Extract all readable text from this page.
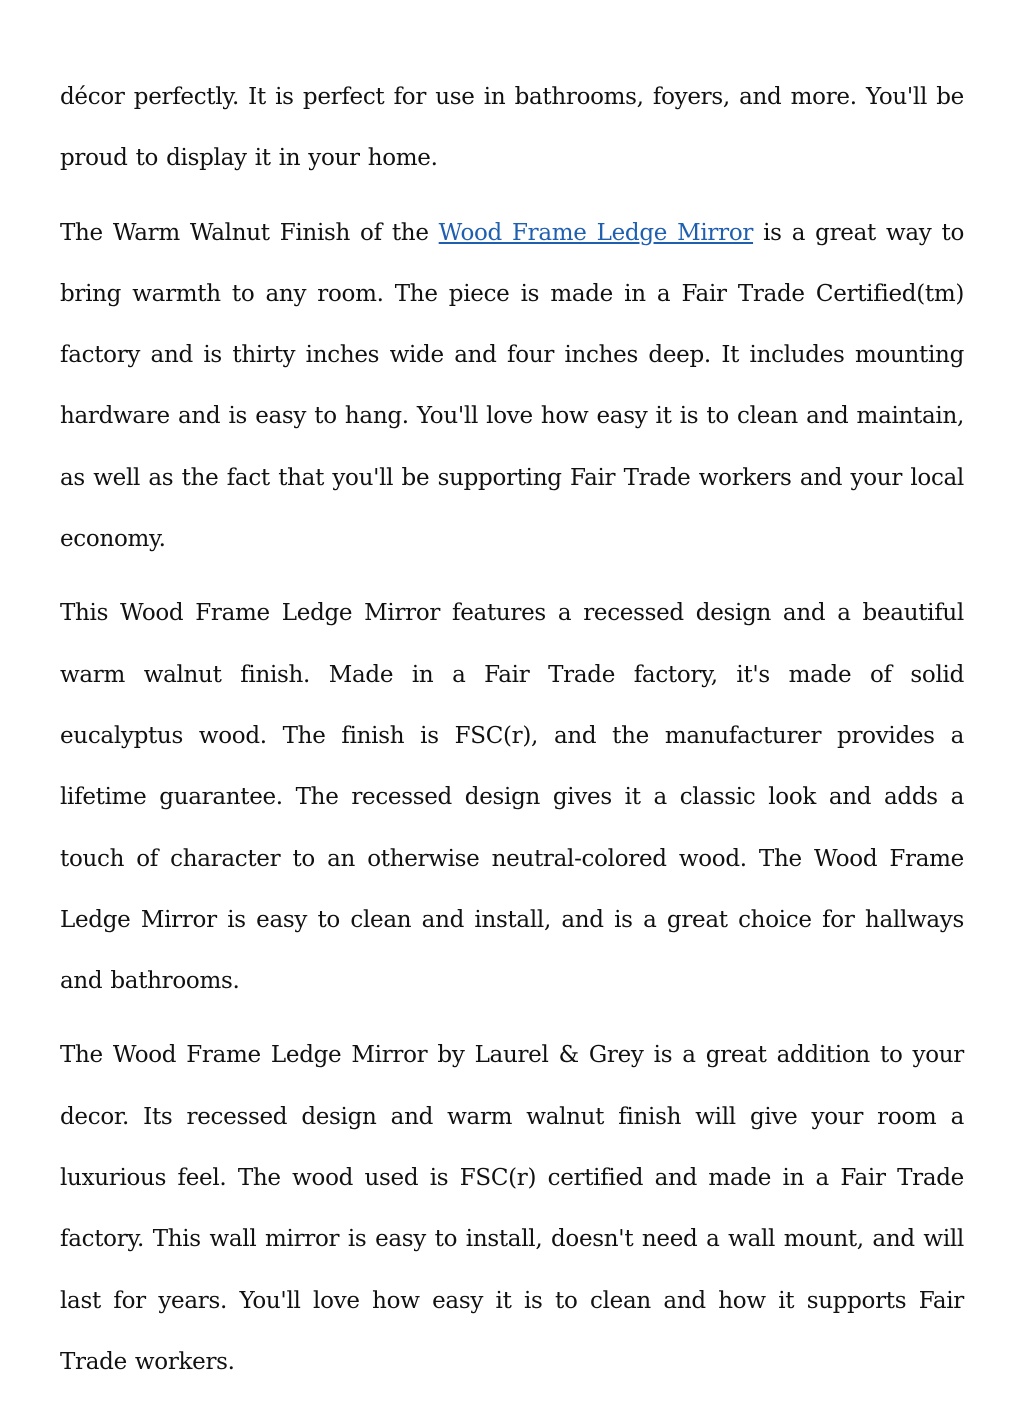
décor perfectly. It is perfect for use in bathrooms, foyers, and more. You'll be proud to display it in your home.

The Warm Walnut Finish of the Wood Frame Ledge Mirror is a great way to bring warmth to any room. The piece is made in a Fair Trade Certified(tm) factory and is thirty inches wide and four inches deep. It includes mounting hardware and is easy to hang. You'll love how easy it is to clean and maintain, as well as the fact that you'll be supporting Fair Trade workers and your local economy.

This Wood Frame Ledge Mirror features a recessed design and a beautiful warm walnut finish. Made in a Fair Trade factory, it's made of solid eucalyptus wood. The finish is FSC(r), and the manufacturer provides a lifetime guarantee. The recessed design gives it a classic look and adds a touch of character to an otherwise neutral-colored wood. The Wood Frame Ledge Mirror is easy to clean and install, and is a great choice for hallways and bathrooms.

The Wood Frame Ledge Mirror by Laurel & Grey is a great addition to your decor. Its recessed design and warm walnut finish will give your room a luxurious feel. The wood used is FSC(r) certified and made in a Fair Trade factory. This wall mirror is easy to install, doesn't need a wall mount, and will last for years. You'll love how easy it is to clean and how it supports Fair Trade workers.
